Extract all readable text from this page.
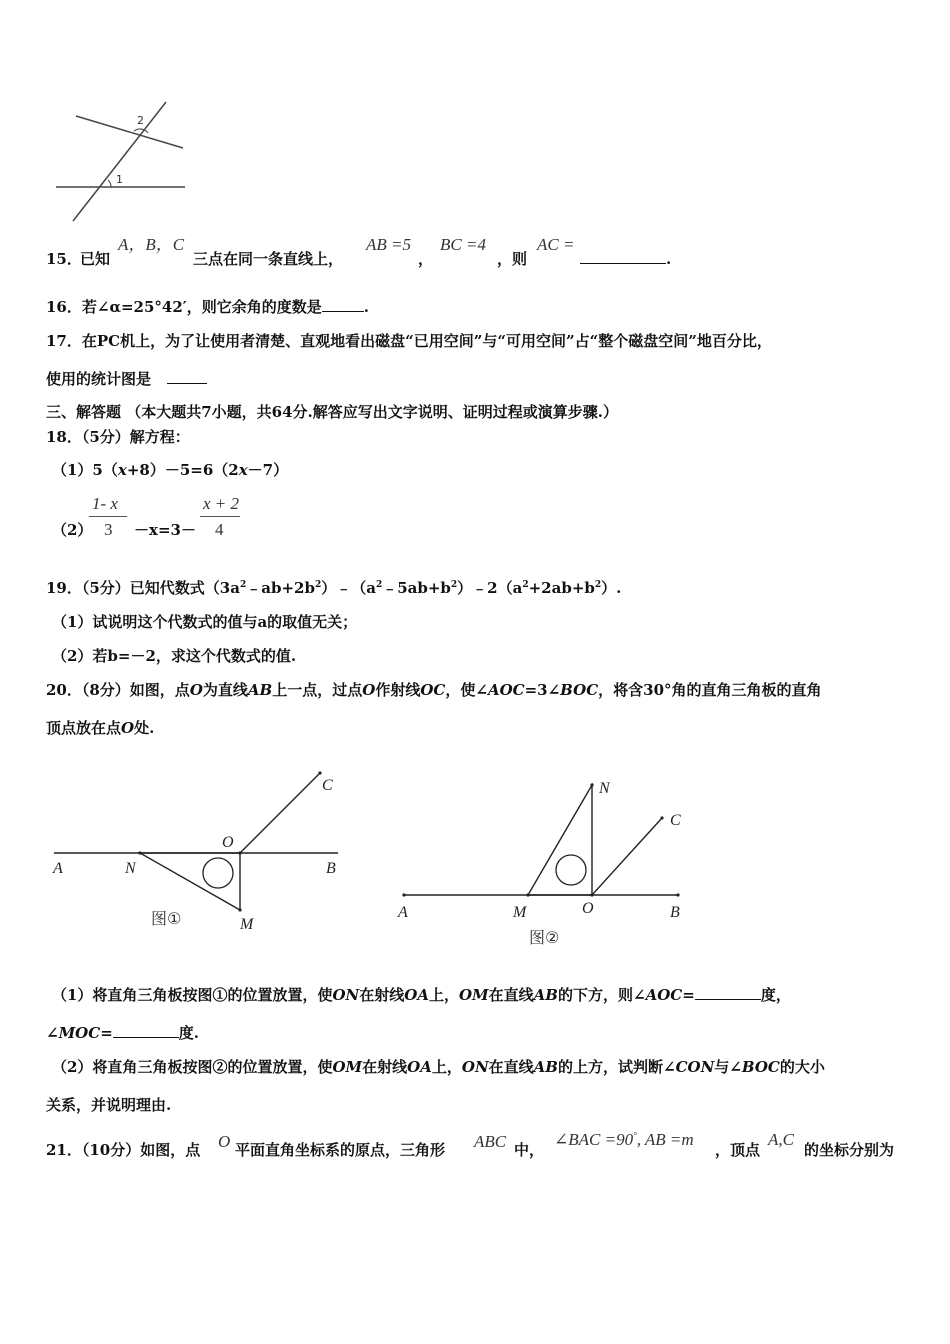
2
1
15．
已知
A，B，C
三点在同一条直线上，
AB =5
，
BC =4
，则
AC =
.
16．若∠α=25°42′，则它余角的度数是	.
17．在PC机上，为了让使用者清楚、直观地看出磁盘“已用空间”与“可用空间”占“整个磁盘空间”地百分比，
使用的统计图是
三、解答题 （本大题共7小题，共64分.解答应写出文字说明、证明过程或演算步骤.）
18．（5分）解方程：
（1）5（x+8）－5=6（2x－7）
（2）
1- x
3 －x=3－
x + 2
4
19．（5分）已知代数式$(3a^2﹣ab+2b^2)﹣(a^2﹣5ab+b^2)﹣2(a^2+2ab+b^2)$.
（1）试说明这个代数式的值与a的取值无关；
（2）若b=－2，求这个代数式的值.
20．（8分）如图，点O为直线AB上一点，过点O作射线OC，使∠AOC=3∠BOC，将含30°角的直角三角板的直角
顶点放在点O处.
A	N
O
B
C
M
图①	A	M	O	B
C
N
图②
（1）将直角三角板按图①的位置放置，使ON在射线OA上，OM在直线AB的下方，则∠AOC=	度，
∠MOC=	度.
（2）将直角三角板按图②的位置放置，使OM在射线OA上，ON在直线AB的上方，试判断∠CON与∠BOC的大小
关系，并说明理由.
21．（10分）如图，点 O 平面直角坐标系的原点，三角形 ABC 中，
∠BAC =90°, AB =m
，顶点
A,C
的坐标分别为
